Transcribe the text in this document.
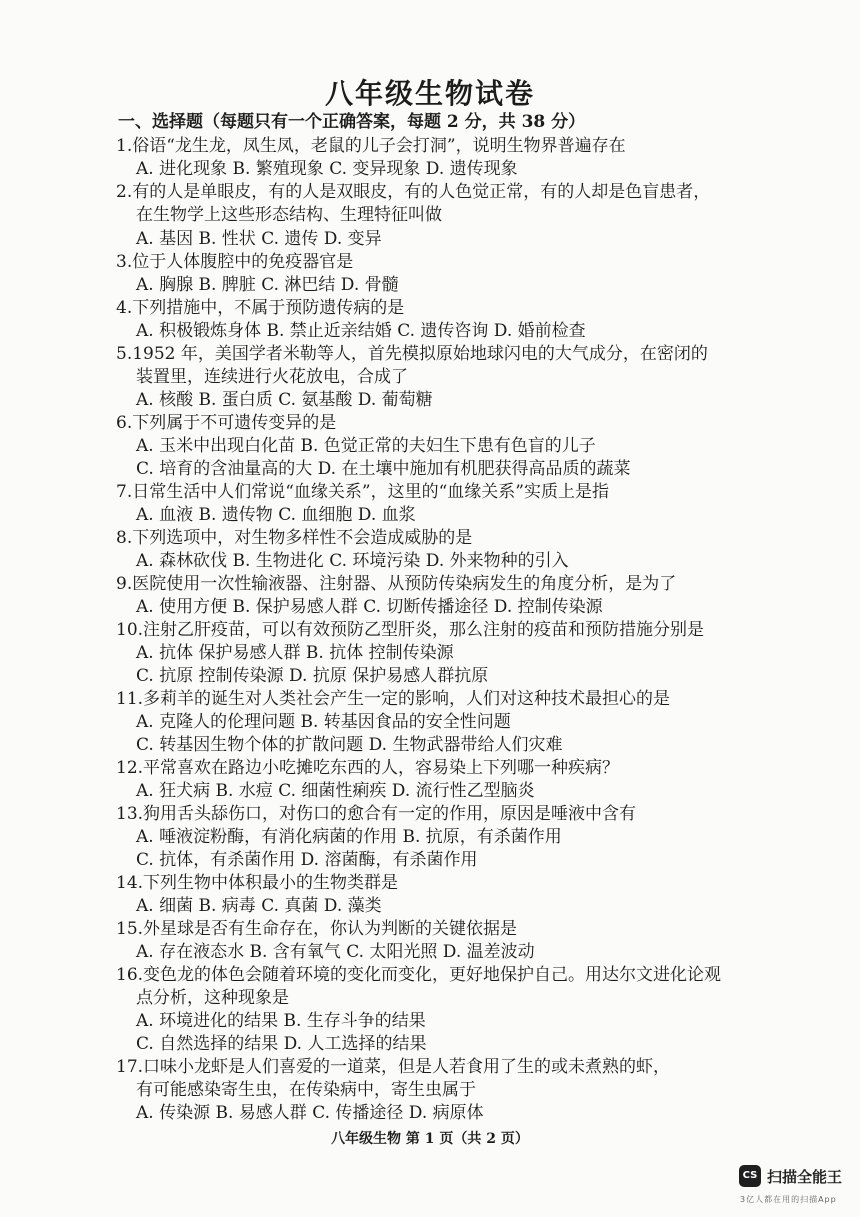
八年级生物试卷
一、选择题（每题只有一个正确答案，每题 2 分，共 38 分）
1.俗语“龙生龙，凤生凤，老鼠的儿子会打洞”，说明生物界普遍存在
A. 进化现象 B. 繁殖现象 C. 变异现象 D. 遗传现象
2.有的人是单眼皮，有的人是双眼皮，有的人色觉正常，有的人却是色盲患者，
在生物学上这些形态结构、生理特征叫做
A. 基因 B. 性状 C. 遗传 D. 变异
3.位于人体腹腔中的免疫器官是
A. 胸腺 B. 脾脏 C. 淋巴结 D. 骨髓
4.下列措施中，不属于预防遗传病的是
A. 积极锻炼身体 B. 禁止近亲结婚 C. 遗传咨询 D. 婚前检查
5.1952 年，美国学者米勒等人，首先模拟原始地球闪电的大气成分，在密闭的
装置里，连续进行火花放电，合成了
A. 核酸 B. 蛋白质 C. 氨基酸 D. 葡萄糖
6.下列属于不可遗传变异的是
A. 玉米中出现白化苗 B. 色觉正常的夫妇生下患有色盲的儿子
C. 培育的含油量高的大 D. 在土壤中施加有机肥获得高品质的蔬菜
7.日常生活中人们常说“血缘关系”，这里的“血缘关系”实质上是指
A. 血液 B. 遗传物 C. 血细胞 D. 血浆
8.下列选项中，对生物多样性不会造成威胁的是
A. 森林砍伐 B. 生物进化 C. 环境污染 D. 外来物种的引入
9.医院使用一次性输液器、注射器、从预防传染病发生的角度分析，是为了
A. 使用方便 B. 保护易感人群 C. 切断传播途径 D. 控制传染源
10.注射乙肝疫苗，可以有效预防乙型肝炎，那么注射的疫苗和预防措施分别是
A. 抗体 保护易感人群 B. 抗体 控制传染源
C. 抗原 控制传染源 D. 抗原 保护易感人群抗原
11.多莉羊的诞生对人类社会产生一定的影响，人们对这种技术最担心的是
A. 克隆人的伦理问题 B. 转基因食品的安全性问题
C. 转基因生物个体的扩散问题 D. 生物武器带给人们灾难
12.平常喜欢在路边小吃摊吃东西的人，容易染上下列哪一种疾病？
A. 狂犬病 B. 水痘 C. 细菌性痢疾 D. 流行性乙型脑炎
13.狗用舌头舔伤口，对伤口的愈合有一定的作用，原因是唾液中含有
A. 唾液淀粉酶，有消化病菌的作用 B. 抗原，有杀菌作用
C. 抗体，有杀菌作用 D. 溶菌酶，有杀菌作用
14.下列生物中体积最小的生物类群是
A. 细菌 B. 病毒 C. 真菌 D. 藻类
15.外星球是否有生命存在，你认为判断的关键依据是
A. 存在液态水 B. 含有氧气 C. 太阳光照 D. 温差波动
16.变色龙的体色会随着环境的变化而变化，更好地保护自己。用达尔文进化论观
点分析，这种现象是
A. 环境进化的结果 B. 生存斗争的结果
C. 自然选择的结果 D. 人工选择的结果
17.口味小龙虾是人们喜爱的一道菜，但是人若食用了生的或未煮熟的虾，
有可能感染寄生虫，在传染病中，寄生虫属于
A. 传染源 B. 易感人群 C. 传播途径 D. 病原体
八年级生物 第 1 页（共 2 页）
CS 扫描全能王
3亿人都在用的扫描App
